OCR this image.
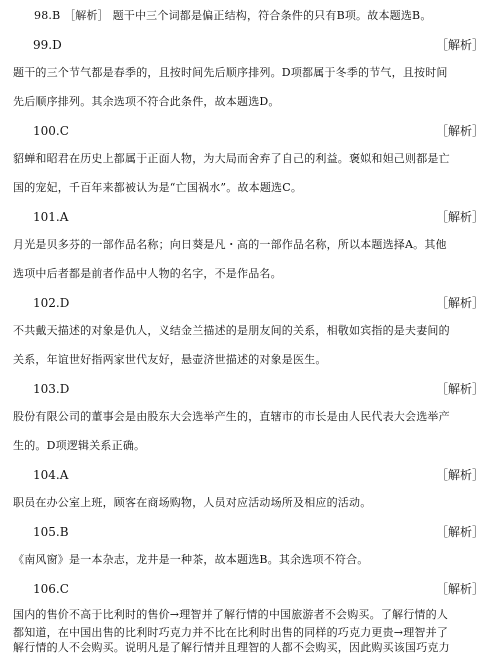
98.B ［解析］ 题干中三个词都是偏正结构，符合条件的只有B项。故本题选B。
99.D	［解析］
题干的三个节气都是春季的，且按时间先后顺序排列。D项都属于冬季的节气，且按时间
先后顺序排列。其余选项不符合此条件，故本题选D。
100.C	［解析］
貂蝉和昭君在历史上都属于正面人物，为大局而舍弃了自己的利益。褒姒和妲己则都是亡
国的宠妃，千百年来都被认为是“亡国祸水”。故本题选C。
101.A	［解析］
月光是贝多芬的一部作品名称；向日葵是凡・高的一部作品名称，所以本题选择A。其他
选项中后者都是前者作品中人物的名字，不是作品名。
102.D	［解析］
不共戴天描述的对象是仇人，义结金兰描述的是朋友间的关系，相敬如宾指的是夫妻间的
关系，年谊世好指两家世代友好，悬壶济世描述的对象是医生。
103.D	［解析］
股份有限公司的董事会是由股东大会选举产生的，直辖市的市长是由人民代表大会选举产
生的。D项逻辑关系正确。
104.A	［解析］
职员在办公室上班，顾客在商场购物，人员对应活动场所及相应的活动。
105.B	［解析］
《南风窗》是一本杂志，龙井是一种茶，故本题选B。其余选项不符合。
106.C	［解析］
国内的售价不高于比利时的售价→理智并了解行情的中国旅游者不会购买。了解行情的人
都知道，在中国出售的比利时巧克力并不比在比利时出售的同样的巧克力更贵→理智并了
解行情的人不会购买。说明凡是了解行情并且理智的人都不会购买，因此购买该国巧克力
